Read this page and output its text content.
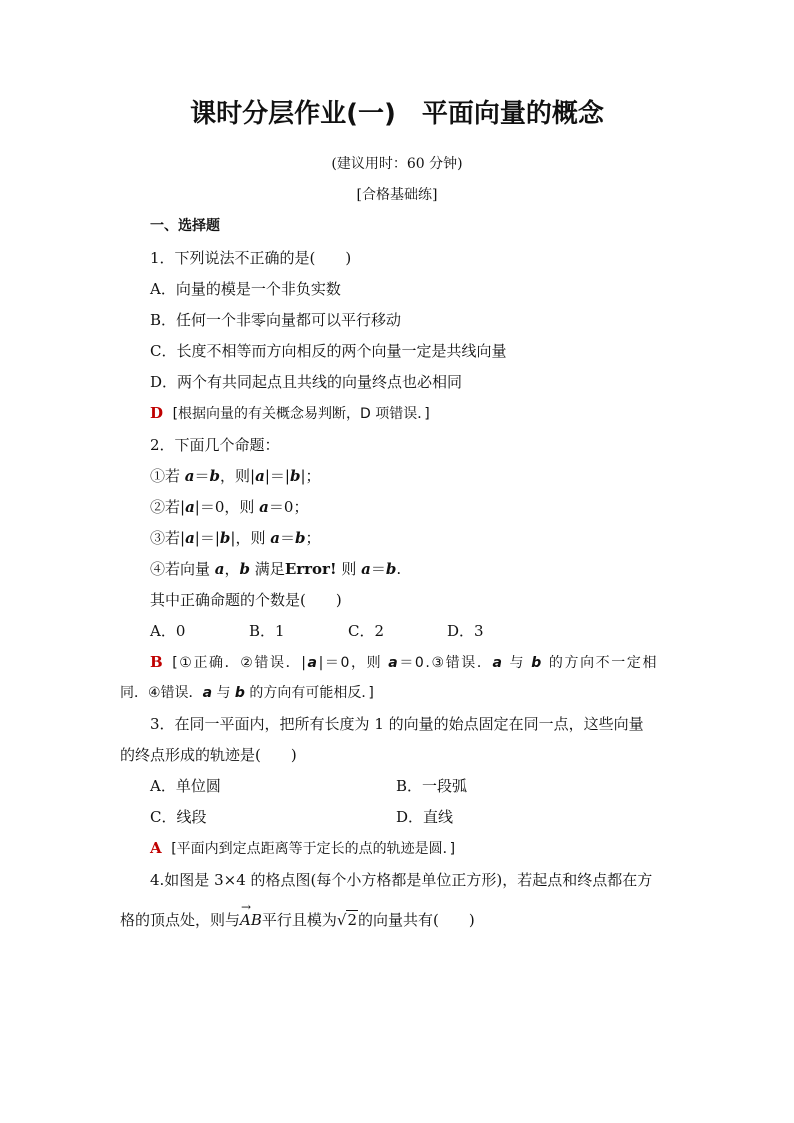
课时分层作业(一) 平面向量的概念
(建议用时：60 分钟)
[合格基础练]
一、选择题
1．下列说法不正确的是(　　)
A．向量的模是一个非负实数
B．任何一个非零向量都可以平行移动
C．长度不相等而方向相反的两个向量一定是共线向量
D．两个有共同起点且共线的向量终点也必相同
D [根据向量的有关概念易判断，D 项错误．]
2．下面几个命题：
①若 a＝b，则|a|＝|b|；
②若|a|＝0，则 a＝0；
③若|a|＝|b|，则 a＝b；
④若向量 a，b 满足Error! 则 a＝b.
其中正确命题的个数是(　　)
A．0	B．1	C．2	D．3
B [①正确．②错误．|a|＝0，则 a＝0.③错误．a 与 b 的方向不一定相
同．④错误．a 与 b 的方向有可能相反．]
3．在同一平面内，把所有长度为 1 的向量的始点固定在同一点，这些向量
的终点形成的轨迹是(　　)
A．单位圆	B．一段弧
C．线段	D．直线
A [平面内到定点距离等于定长的点的轨迹是圆．]
4.如图是 3×4 的格点图(每个小方格都是单位正方形)，若起点和终点都在方
格的顶点处，则与→ AB平行且模为√2的向量共有(　　)
